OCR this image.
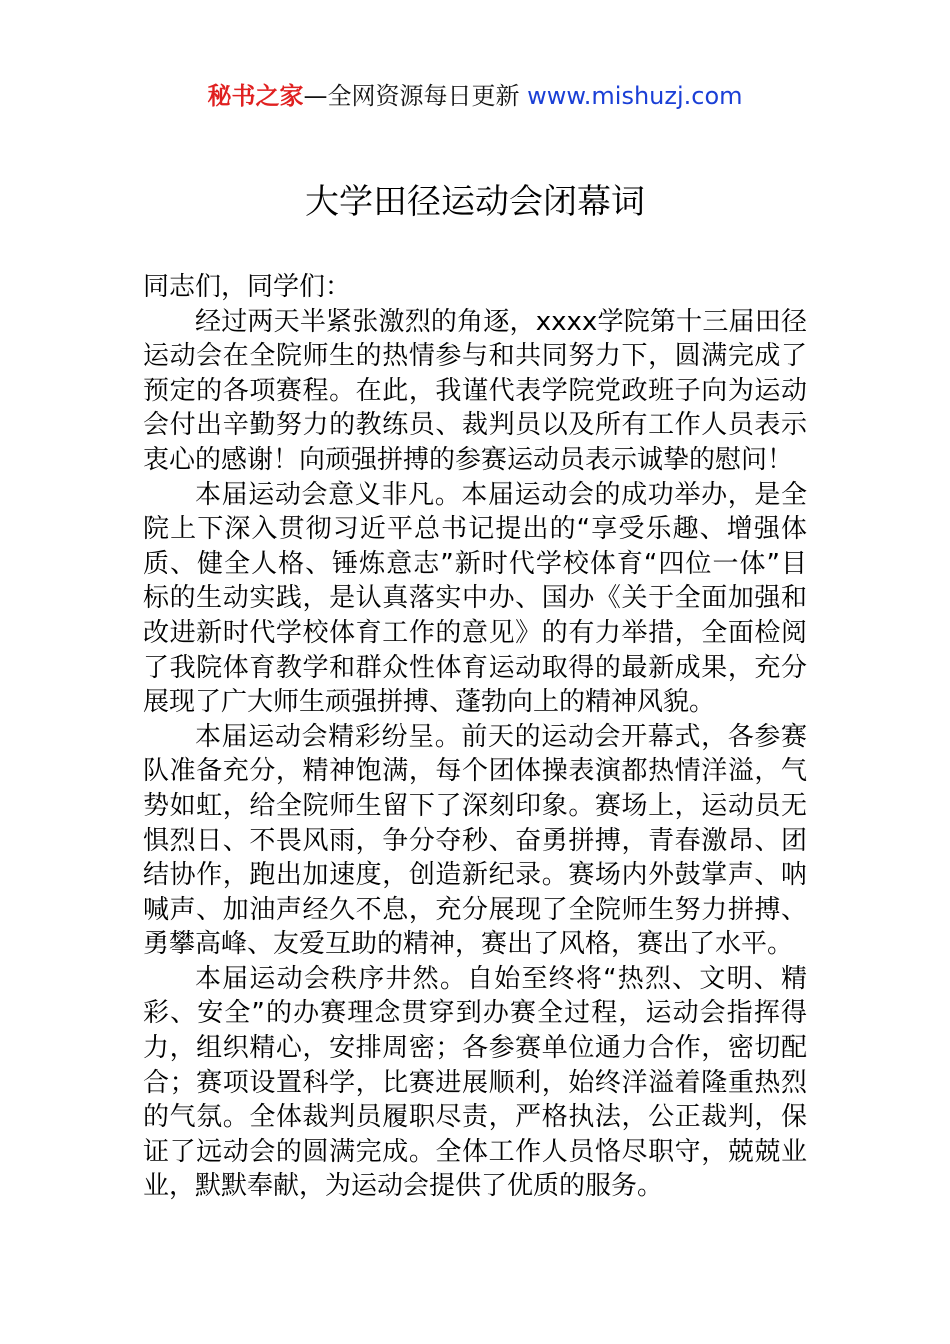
秘书之家—全网资源每日更新 www.mishuzj.com
大学田径运动会闭幕词

同志们，同学们：

经过两天半紧张激烈的角逐，xxxx学院第十三届田径运动会在全院师生的热情参与和共同努力下，圆满完成了预定的各项赛程。在此，我谨代表学院党政班子向为运动会付出辛勤努力的教练员、裁判员以及所有工作人员表示衷心的感谢！向顽强拼搏的参赛运动员表示诚挚的慰问！

本届运动会意义非凡。本届运动会的成功举办，是全院上下深入贯彻习近平总书记提出的“享受乐趣、增强体质、健全人格、锤炼意志”新时代学校体育“四位一体”目标的生动实践，是认真落实中办、国办《关于全面加强和改进新时代学校体育工作的意见》的有力举措，全面检阅了我院体育教学和群众性体育运动取得的最新成果，充分展现了广大师生顽强拼搏、蓬勃向上的精神风貌。

本届运动会精彩纷呈。前天的运动会开幕式，各参赛队准备充分，精神饱满，每个团体操表演都热情洋溢，气势如虹，给全院师生留下了深刻印象。赛场上，运动员无惧烈日、不畏风雨，争分夺秒、奋勇拼搏，青春激昂、团结协作，跑出加速度，创造新纪录。赛场内外鼓掌声、呐喊声、加油声经久不息，充分展现了全院师生努力拼搏、勇攀高峰、友爱互助的精神，赛出了风格，赛出了水平。

本届运动会秩序井然。自始至终将“热烈、文明、精彩、安全”的办赛理念贯穿到办赛全过程，运动会指挥得力，组织精心，安排周密；各参赛单位通力合作，密切配合；赛项设置科学，比赛进展顺利，始终洋溢着隆重热烈的气氛。全体裁判员履职尽责，严格执法，公正裁判，保证了远动会的圆满完成。全体工作人员恪尽职守，兢兢业业，默默奉献，为运动会提供了优质的服务。
